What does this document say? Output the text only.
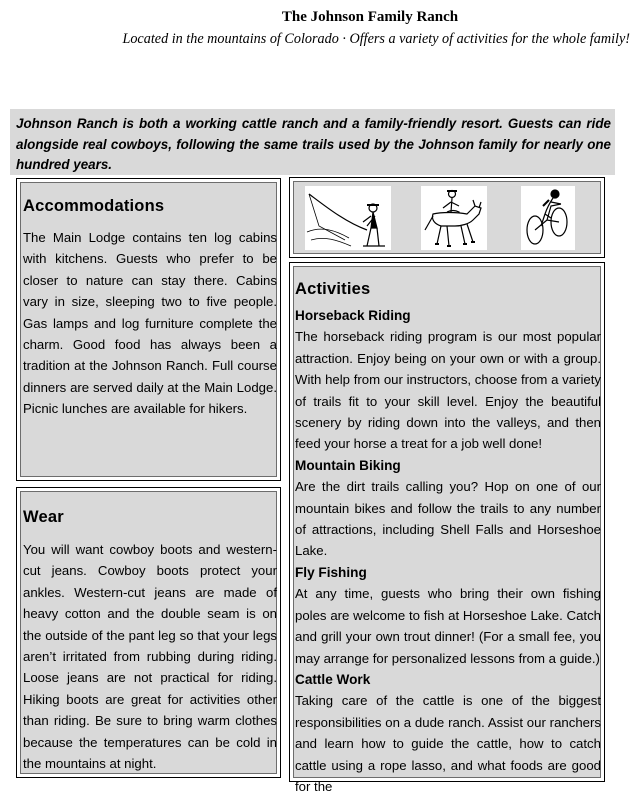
The Johnson Family Ranch
Located in the mountains of Colorado · Offers a variety of activities for the whole family!
Johnson Ranch is both a working cattle ranch and a family-friendly resort. Guests can ride alongside real cowboys, following the same trails used by the Johnson family for nearly one hundred years.
Accommodations

The Main Lodge contains ten log cabins with kitchens. Guests who prefer to be closer to nature can stay there. Cabins vary in size, sleeping two to five people. Gas lamps and log furniture complete the charm. Good food has always been a tradition at the Johnson Ranch. Full course dinners are served daily at the Main Lodge. Picnic lunches are available for hikers.

Wear

You will want cowboy boots and western-cut jeans. Cowboy boots protect your ankles. Western-cut jeans are made of heavy cotton and the double seam is on the outside of the pant leg so that your legs aren’t irritated from rubbing during riding. Loose jeans are not practical for riding. Hiking boots are great for activities other than riding. Be sure to bring warm clothes because the temperatures can be cold in the mountains at night.

Activities
Horseback Riding
The horseback riding program is our most popular attraction. Enjoy being on your own or with a group. With help from our instructors, choose from a variety of trails fit to your skill level. Enjoy the beautiful scenery by riding down into the valleys, and then feed your horse a treat for a job well done!
Mountain Biking
Are the dirt trails calling you? Hop on one of our mountain bikes and follow the trails to any number of attractions, including Shell Falls and Horseshoe Lake.
Fly Fishing
At any time, guests who bring their own fishing poles are welcome to fish at Horseshoe Lake. Catch and grill your own trout dinner! (For a small fee, you may arrange for personalized lessons from a guide.)
Cattle Work
Taking care of the cattle is one of the biggest responsibilities on a dude ranch. Assist our ranchers and learn how to guide the cattle, how to catch cattle using a rope lasso, and what foods are good for the
